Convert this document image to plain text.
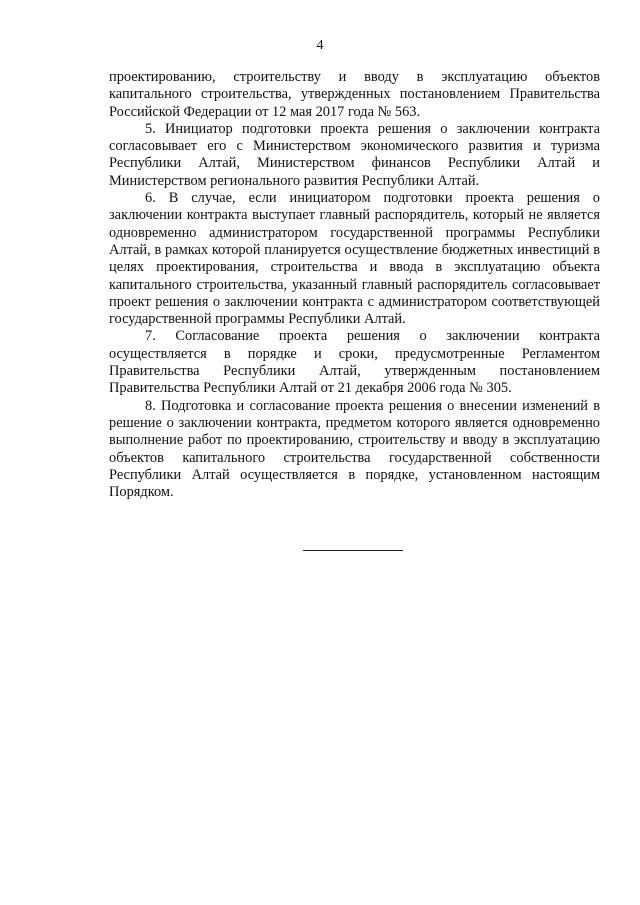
4

проектированию, строительству и вводу в эксплуатацию объектов капитального строительства, утвержденных постановлением Правительства Российской Федерации от 12 мая 2017 года № 563.

5. Инициатор подготовки проекта решения о заключении контракта согласовывает его с Министерством экономического развития и туризма Республики Алтай, Министерством финансов Республики Алтай и Министерством регионального развития Республики Алтай.

6. В случае, если инициатором подготовки проекта решения о заключении контракта выступает главный распорядитель, который не является одновременно администратором государственной программы Республики Алтай, в рамках которой планируется осуществление бюджетных инвестиций в целях проектирования, строительства и ввода в эксплуатацию объекта капитального строительства, указанный главный распорядитель согласовывает проект решения о заключении контракта с администратором соответствующей государственной программы Республики Алтай.

7. Согласование проекта решения о заключении контракта осуществляется в порядке и сроки, предусмотренные Регламентом Правительства Республики Алтай, утвержденным постановлением Правительства Республики Алтай от 21 декабря 2006 года № 305.

8. Подготовка и согласование проекта решения о внесении изменений в решение о заключении контракта, предметом которого является одновременно выполнение работ по проектированию, строительству и вводу в эксплуатацию объектов капитального строительства государственной собственности Республики Алтай осуществляется в порядке, установленном настоящим Порядком.
